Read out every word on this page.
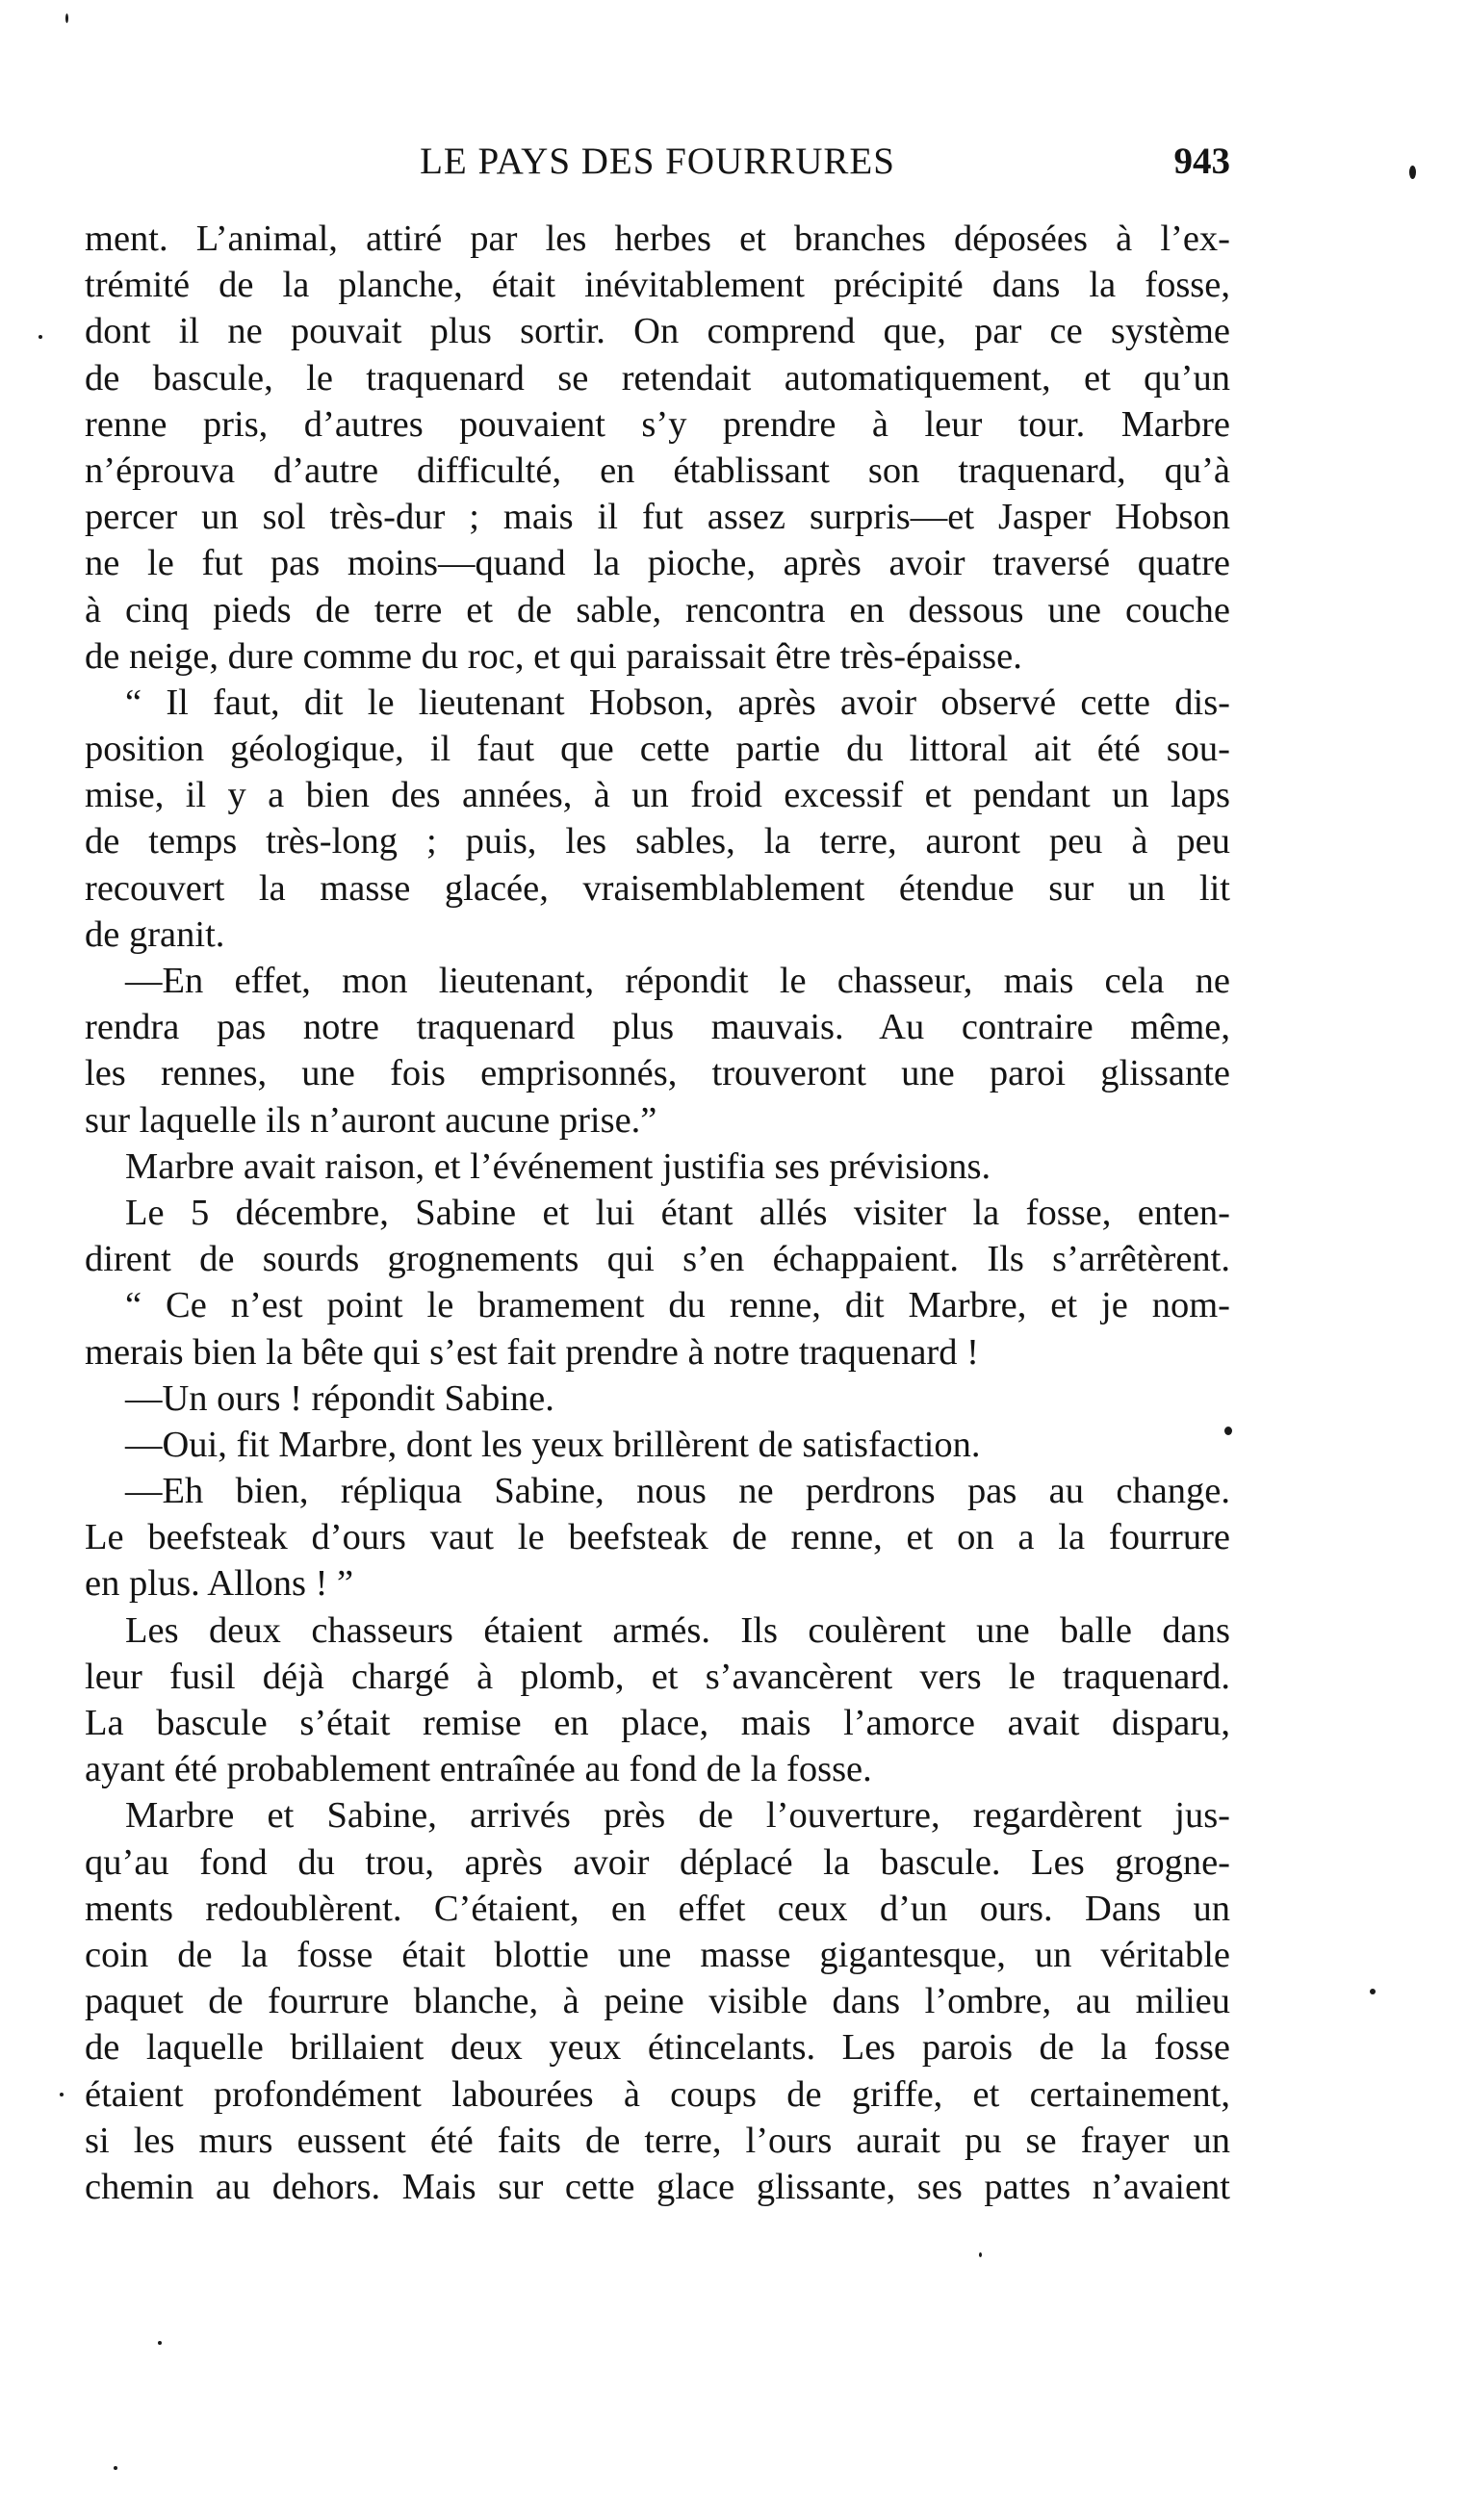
LE PAYS DES FOURRURES	943
ment. L’animal, attiré par les herbes et branches déposées à l’ex-
trémité de la planche, était inévitablement précipité dans la fosse,
dont il ne pouvait plus sortir. On comprend que, par ce système
de bascule, le traquenard se retendait automatiquement, et qu’un
renne pris, d’autres pouvaient s’y prendre à leur tour. Marbre
n’éprouva d’autre difficulté, en établissant son traquenard, qu’à
percer un sol très-dur ; mais il fut assez surpris—et Jasper Hobson
ne le fut pas moins—quand la pioche, après avoir traversé quatre
à cinq pieds de terre et de sable, rencontra en dessous une couche
de neige, dure comme du roc, et qui paraissait être très-épaisse.
“ Il faut, dit le lieutenant Hobson, après avoir observé cette dis-
position géologique, il faut que cette partie du littoral ait été sou-
mise, il y a bien des années, à un froid excessif et pendant un laps
de temps très-long ; puis, les sables, la terre, auront peu à peu
recouvert la masse glacée, vraisemblablement étendue sur un lit
de granit.
—En effet, mon lieutenant, répondit le chasseur, mais cela ne
rendra pas notre traquenard plus mauvais. Au contraire même,
les rennes, une fois emprisonnés, trouveront une paroi glissante
sur laquelle ils n’auront aucune prise.”
Marbre avait raison, et l’événement justifia ses prévisions.
Le 5 décembre, Sabine et lui étant allés visiter la fosse, enten-
dirent de sourds grognements qui s’en échappaient. Ils s’arrêtèrent.
“ Ce n’est point le bramement du renne, dit Marbre, et je nom-
merais bien la bête qui s’est fait prendre à notre traquenard !
—Un ours ! répondit Sabine.
—Oui, fit Marbre, dont les yeux brillèrent de satisfaction.
—Eh bien, répliqua Sabine, nous ne perdrons pas au change.
Le beefsteak d’ours vaut le beefsteak de renne, et on a la fourrure
en plus. Allons ! ”
Les deux chasseurs étaient armés. Ils coulèrent une balle dans
leur fusil déjà chargé à plomb, et s’avancèrent vers le traquenard.
La bascule s’était remise en place, mais l’amorce avait disparu,
ayant été probablement entraînée au fond de la fosse.
Marbre et Sabine, arrivés près de l’ouverture, regardèrent jus-
qu’au fond du trou, après avoir déplacé la bascule. Les grogne-
ments redoublèrent. C’étaient, en effet ceux d’un ours. Dans un
coin de la fosse était blottie une masse gigantesque, un véritable
paquet de fourrure blanche, à peine visible dans l’ombre, au milieu
de laquelle brillaient deux yeux étincelants. Les parois de la fosse
étaient profondément labourées à coups de griffe, et certainement,
si les murs eussent été faits de terre, l’ours aurait pu se frayer un
chemin au dehors. Mais sur cette glace glissante, ses pattes n’avaient
